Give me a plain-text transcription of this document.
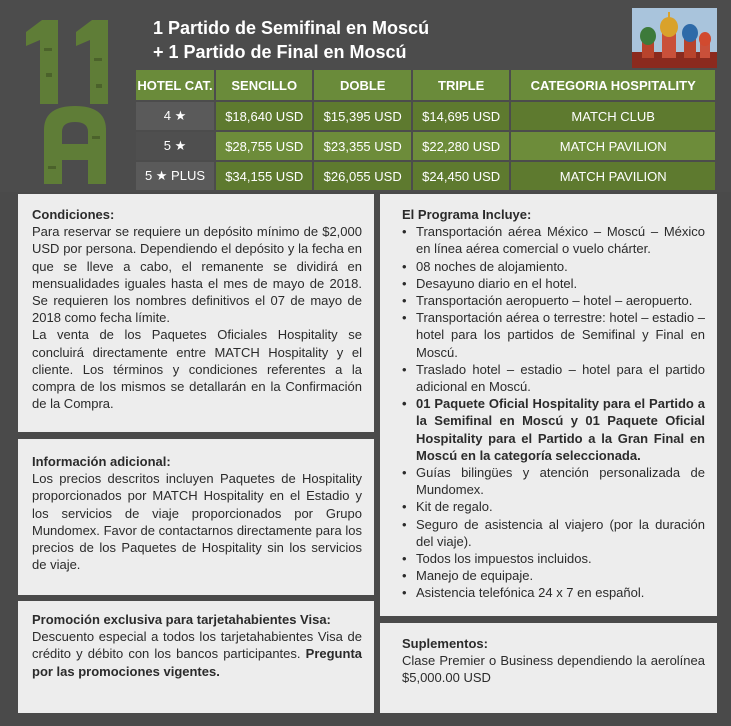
1 Partido de Semifinal en Moscú
+ 1 Partido de Final en Moscú
HOTEL CAT.	SENCILLO	DOBLE	TRIPLE	CATEGORIA HOSPITALITY
4 ★	$18,640 USD	$15,395 USD	$14,695 USD	MATCH CLUB
5 ★	$28,755 USD	$23,355 USD	$22,280 USD	MATCH PAVILION
5 ★ PLUS	$34,155 USD	$26,055 USD	$24,450 USD	MATCH PAVILION
Condiciones:
Para reservar se requiere un depósito mínimo de $2,000 USD por persona. Dependiendo el depósito y la fecha en que se lleve a cabo, el remanente se dividirá en mensualidades iguales hasta el mes de mayo de 2018. Se requieren los nombres definitivos el 07 de mayo de 2018 como fecha límite.
La venta de los Paquetes Oficiales Hospitality se concluirá directamente entre MATCH Hospitality y el cliente. Los términos y condiciones referentes a la compra de los mismos se detallarán en la Confirmación de la Compra.
Información adicional:
Los precios descritos incluyen Paquetes de Hospitality proporcionados por MATCH Hospitality en el Estadio y los servicios de viaje proporcionados por Grupo Mundomex. Favor de contactarnos directamente para los precios de los Paquetes de Hospitality sin los servicios de viaje.
Promoción exclusiva para tarjetahabientes Visa:
Descuento especial a todos los tarjetahabientes Visa de crédito y débito con los bancos participantes. Pregunta por las promociones vigentes.
El Programa Incluye:
• Transportación aérea México – Moscú – México en línea aérea comercial o vuelo chárter.
• 08 noches de alojamiento.
• Desayuno diario en el hotel.
• Transportación aeropuerto – hotel – aeropuerto.
• Transportación aérea o terrestre: hotel – estadio – hotel para los partidos de Semifinal y Final en Moscú.
• Traslado hotel – estadio – hotel para el partido adicional en Moscú.
• 01 Paquete Oficial Hospitality para el Partido a la Semifinal en Moscú y 01 Paquete Oficial Hospitality para el Partido a la Gran Final en Moscú en la categoría seleccionada.
• Guías bilingües y atención personalizada de Mundomex.
• Kit de regalo.
• Seguro de asistencia al viajero (por la duración del viaje).
• Todos los impuestos incluidos.
• Manejo de equipaje.
• Asistencia telefónica 24 x 7 en español.
Suplementos:
Clase Premier o Business dependiendo la aerolínea $5,000.00 USD
